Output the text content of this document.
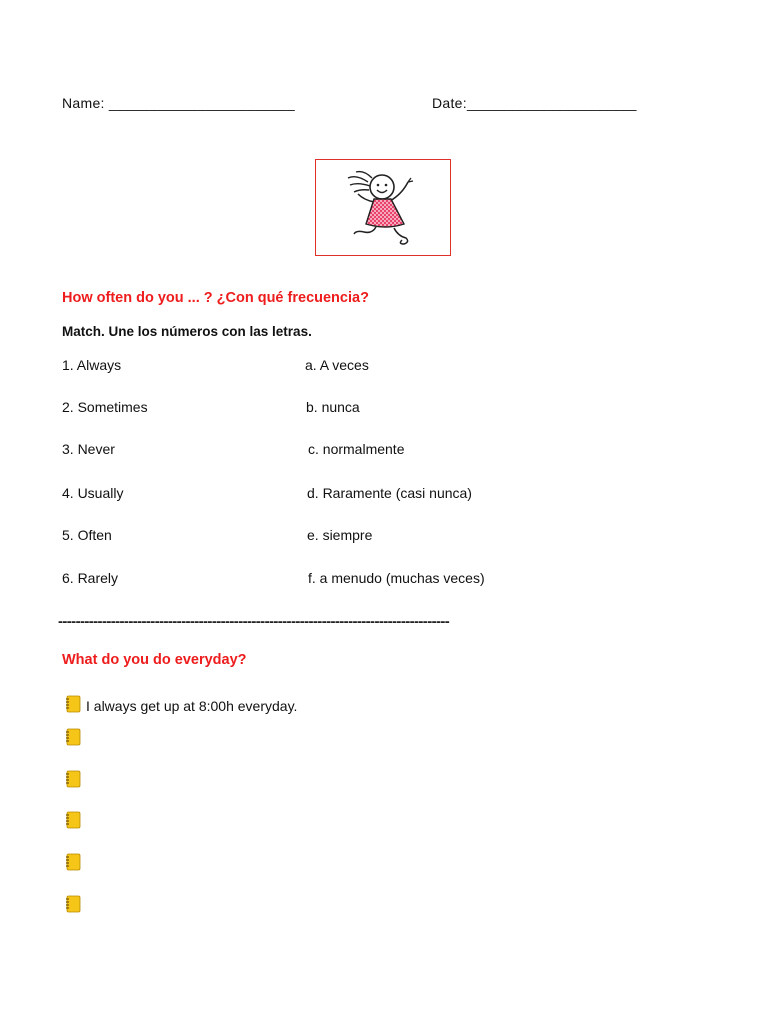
Name: _______________________	Date:_____________________
How often do you ... ? ¿Con qué frecuencia?
Match. Une los números con las letras.
1. Always
2. Sometimes
3. Never
4. Usually
5. Often
6. Rarely
a. A veces
b. nunca
c. normalmente
d. Raramente (casi nunca)
e. siempre
f. a menudo (muchas veces)
-----------------------------------------------------------------------------------------
What do you do everyday?
I always get up at 8:00h everyday.
